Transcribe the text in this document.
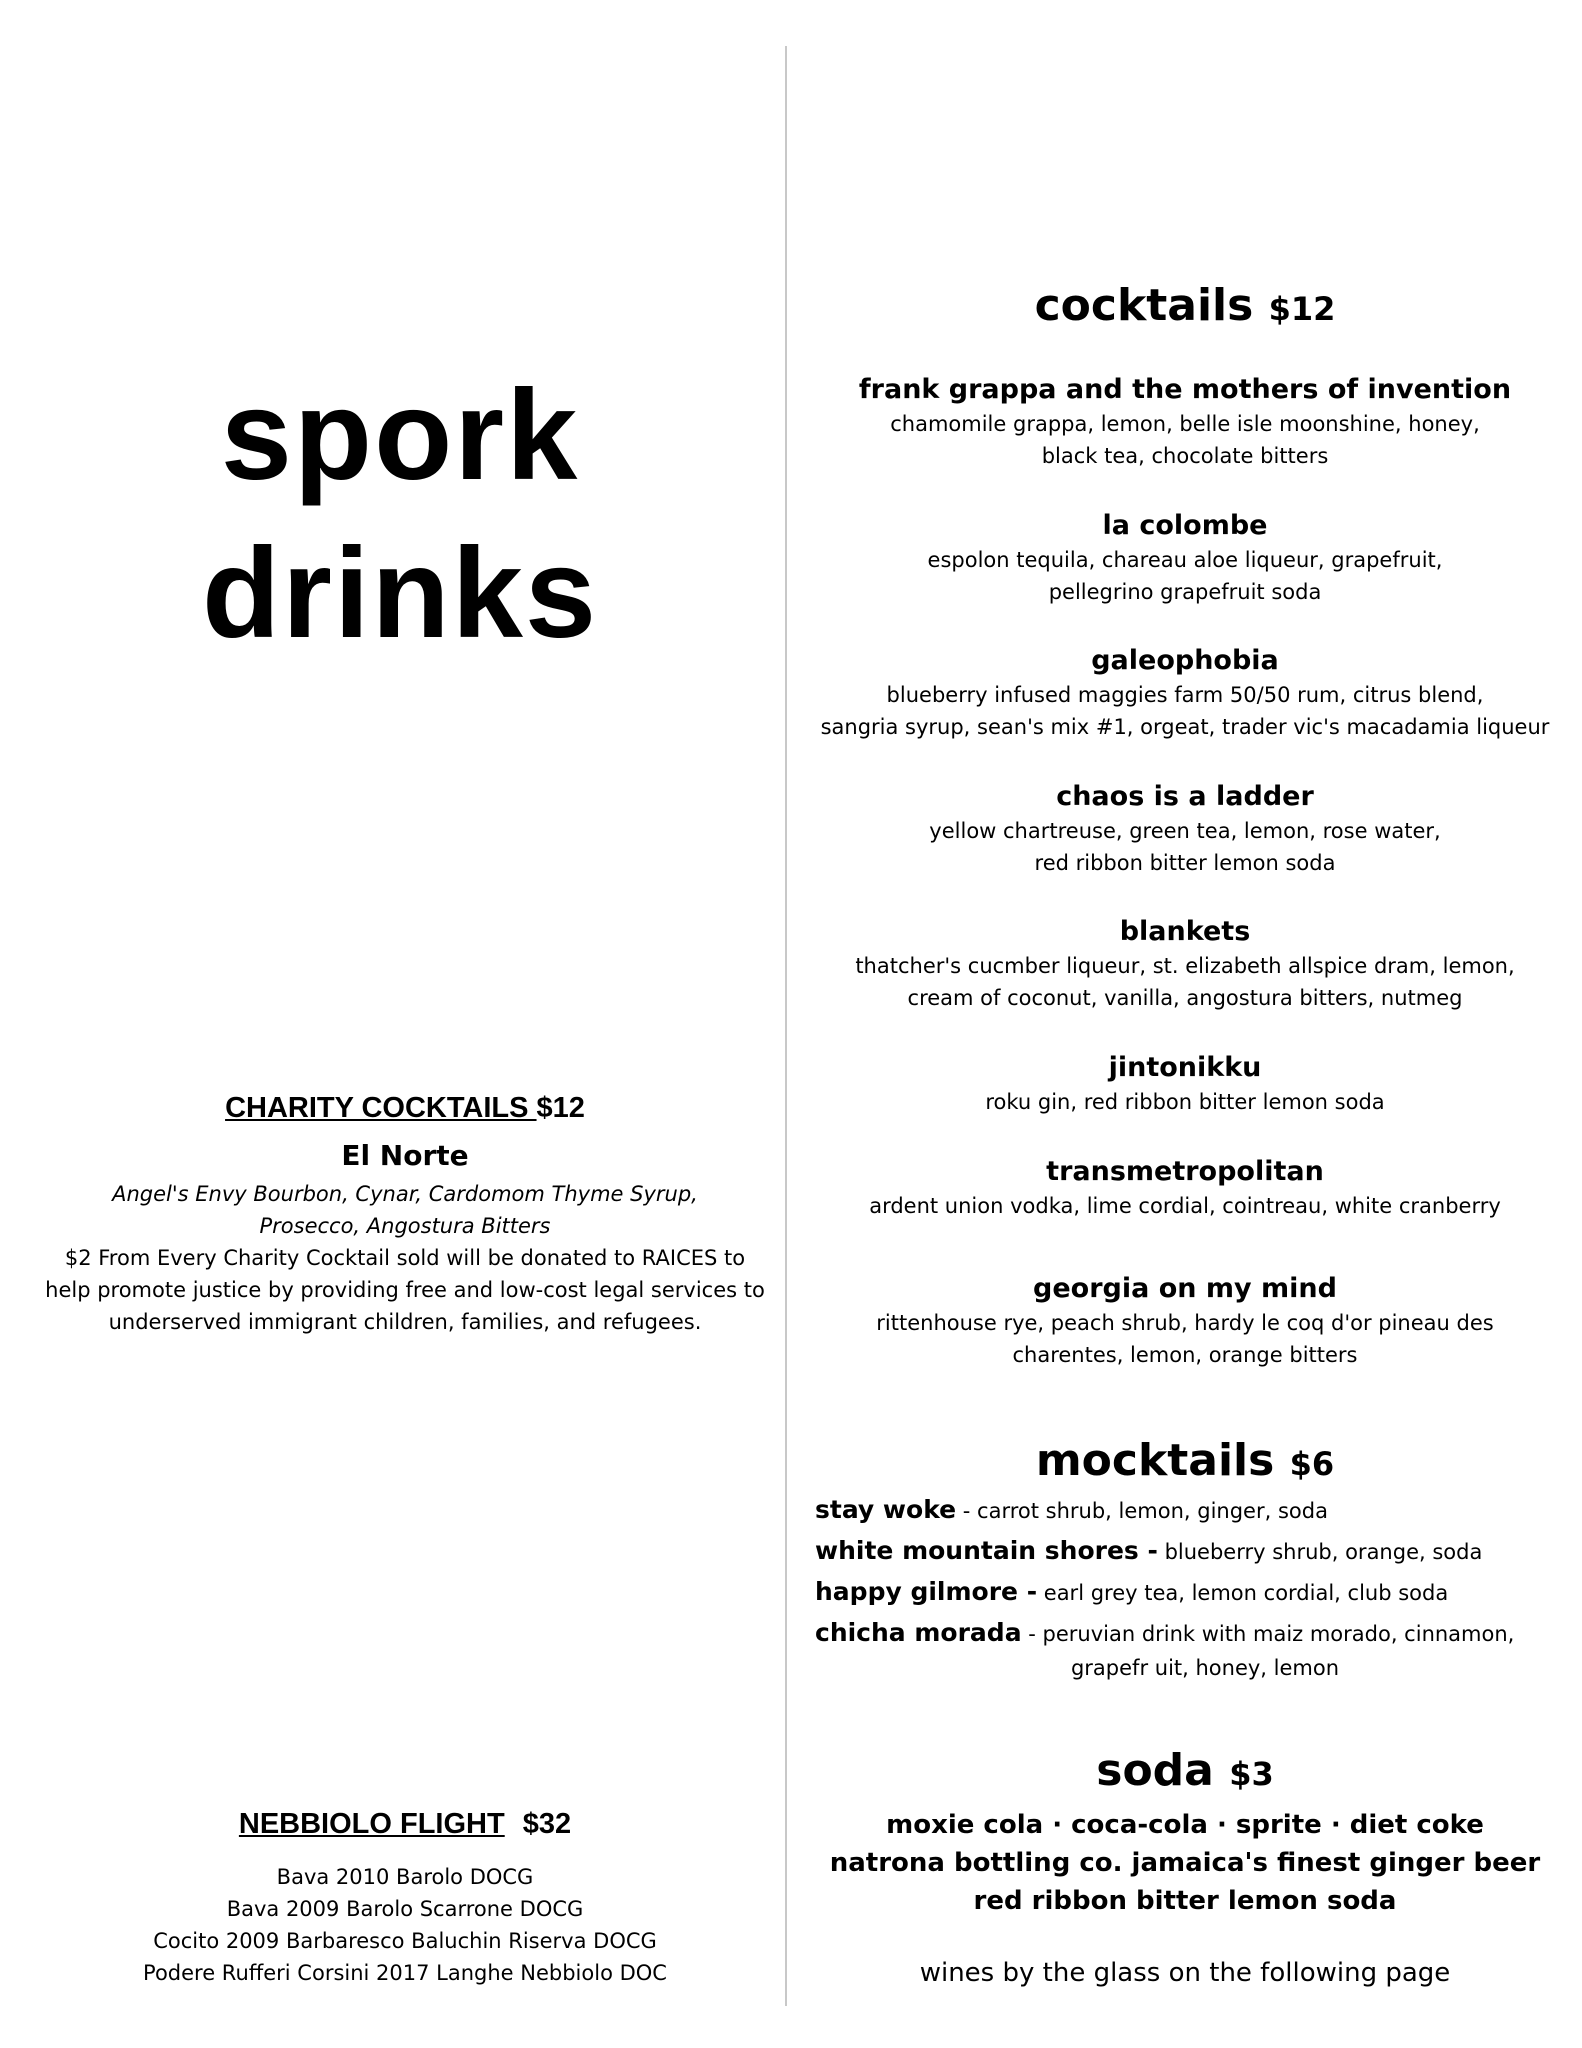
spork
drinks
CHARITY COCKTAILS $12
El Norte
Angel's Envy Bourbon, Cynar, Cardomom Thyme Syrup,
Prosecco, Angostura Bitters
$2 From Every Charity Cocktail sold will be donated to RAICES to
help promote justice by providing free and low-cost legal services to
underserved immigrant children, families, and refugees.
NEBBIOLO FLIGHT $32
Bava 2010 Barolo DOCG
Bava 2009 Barolo Scarrone DOCG
Cocito 2009 Barbaresco Baluchin Riserva DOCG
Podere Rufferi Corsini 2017 Langhe Nebbiolo DOC
cocktails $12
frank grappa and the mothers of invention
chamomile grappa, lemon, belle isle moonshine, honey,
black tea, chocolate bitters
la colombe
espolon tequila, chareau aloe liqueur, grapefruit,
pellegrino grapefruit soda
galeophobia
blueberry infused maggies farm 50/50 rum, citrus blend,
sangria syrup, sean's mix #1, orgeat, trader vic's macadamia liqueur
chaos is a ladder
yellow chartreuse, green tea, lemon, rose water,
red ribbon bitter lemon soda
blankets
thatcher's cucmber liqueur, st. elizabeth allspice dram, lemon,
cream of coconut, vanilla, angostura bitters, nutmeg
jintonikku
roku gin, red ribbon bitter lemon soda
transmetropolitan
ardent union vodka, lime cordial, cointreau, white cranberry
georgia on my mind
rittenhouse rye, peach shrub, hardy le coq d'or pineau des
charentes, lemon, orange bitters
mocktails $6
stay woke - carrot shrub, lemon, ginger, soda
white mountain shores - blueberry shrub, orange, soda
happy gilmore - earl grey tea, lemon cordial, club soda
chicha morada - peruvian drink with maiz morado, cinnamon,
grapefr uit, honey, lemon
soda $3
moxie cola · coca-cola · sprite · diet coke
natrona bottling co. jamaica's finest ginger beer
red ribbon bitter lemon soda
wines by the glass on the following page
